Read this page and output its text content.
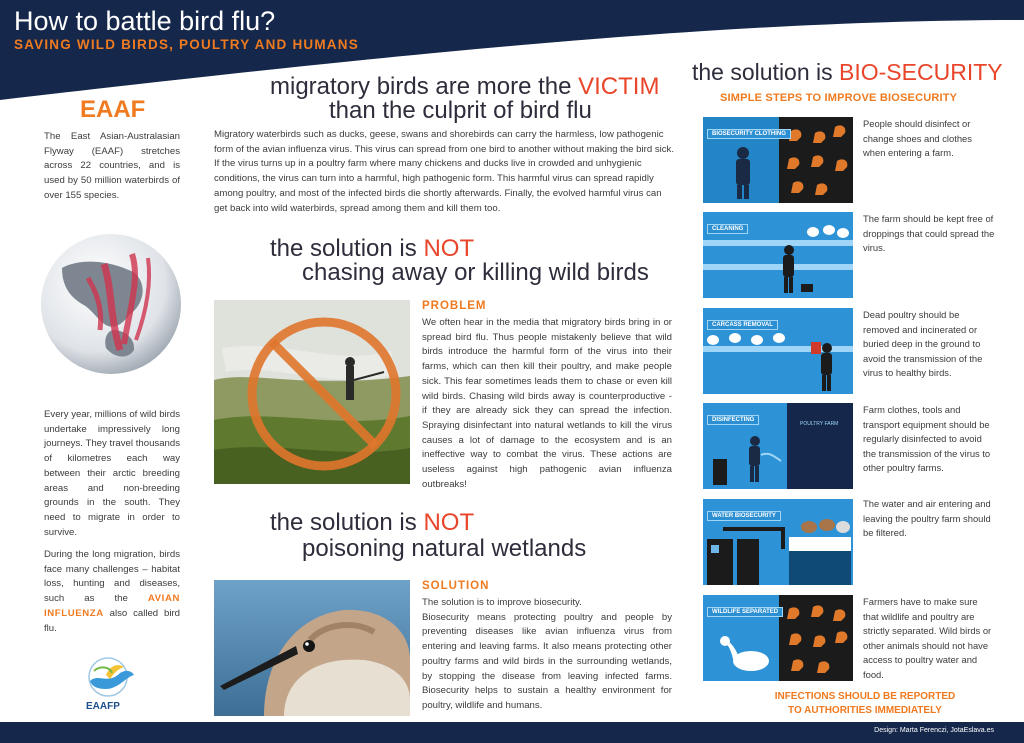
How to battle bird flu?
SAVING WILD BIRDS, POULTRY AND HUMANS
EAAF
The East Asian-Australasian Flyway (EAAF) stretches across 22 countries, and is used by 50 million waterbirds of over 155 species.
Every year, millions of wild birds undertake impressively long journeys. They travel thousands of kilometres each way between their arctic breeding areas and non-breeding grounds in the south. They need to migrate in order to survive.
During the long migration, birds face many challenges – habitat loss, hunting and diseases, such as the AVIAN INFLUENZA also called bird flu.
EAAFP
migratory birds are more the VICTIM
than the culprit of bird flu
Migratory waterbirds such as ducks, geese, swans and shorebirds can carry the harmless, low pathogenic form of the avian influenza virus. This virus can spread from one bird to another without making the bird sick. If the virus turns up in a poultry farm where many chickens and ducks live in crowded and unhygienic conditions, the virus can turn into a harmful, high pathogenic form. This harmful virus can spread rapidly among poultry, and most of the infected birds die shortly afterwards. Finally, the evolved harmful virus can get back into wild waterbirds, spread among them and kill them too.
the solution is NOT
chasing away or killing wild birds
PROBLEM
We often hear in the media that migratory birds bring in or spread bird flu. Thus people mistakenly believe that wild birds introduce the harmful form of the virus into their farms, which can then kill their poultry, and make people sick. This fear sometimes leads them to chase or even kill wild birds. Chasing wild birds away is counterproductive - if they are already sick they can spread the infection. Spraying disinfectant into natural wetlands to kill the virus causes a lot of damage to the ecosystem and is an ineffective way to combat the virus. These actions are useless against high pathogenic avian influenza outbreaks!
the solution is NOT
poisoning natural wetlands
SOLUTION
The solution is to improve biosecurity.
Biosecurity means protecting poultry and people by preventing diseases like avian influenza virus from entering and leaving farms. It also means protecting other poultry farms and wild birds in the surrounding wetlands, by stopping the disease from leaving infected farms. Biosecurity helps to sustain a healthy environment for poultry, wildlife and humans.
the solution is BIO-SECURITY
SIMPLE STEPS TO IMPROVE BIOSECURITY
BIOSECURITY CLOTHING
People should disinfect or change shoes and clothes when entering a farm.
CLEANING
The farm should be kept free of droppings that could spread the virus.
CARCASS REMOVAL
Dead poultry should be removed and incinerated or buried deep in the ground to avoid the transmission of the virus to healthy birds.
POULTRY FARM
DISINFECTING
Farm clothes, tools and transport equipment should be regularly disinfected to avoid the transmission of the virus to other poultry farms.
WATER BIOSECURITY
The water and air entering and leaving the poultry farm should be filtered.
WILDLIFE SEPARATED
Farmers have to make sure that wildlife and poultry are strictly separated. Wild birds or other animals should not have access to poultry water and food.
INFECTIONS SHOULD BE REPORTED
TO AUTHORITIES IMMEDIATELY
Design: Marta Ferenczi, JotaEslava.es
